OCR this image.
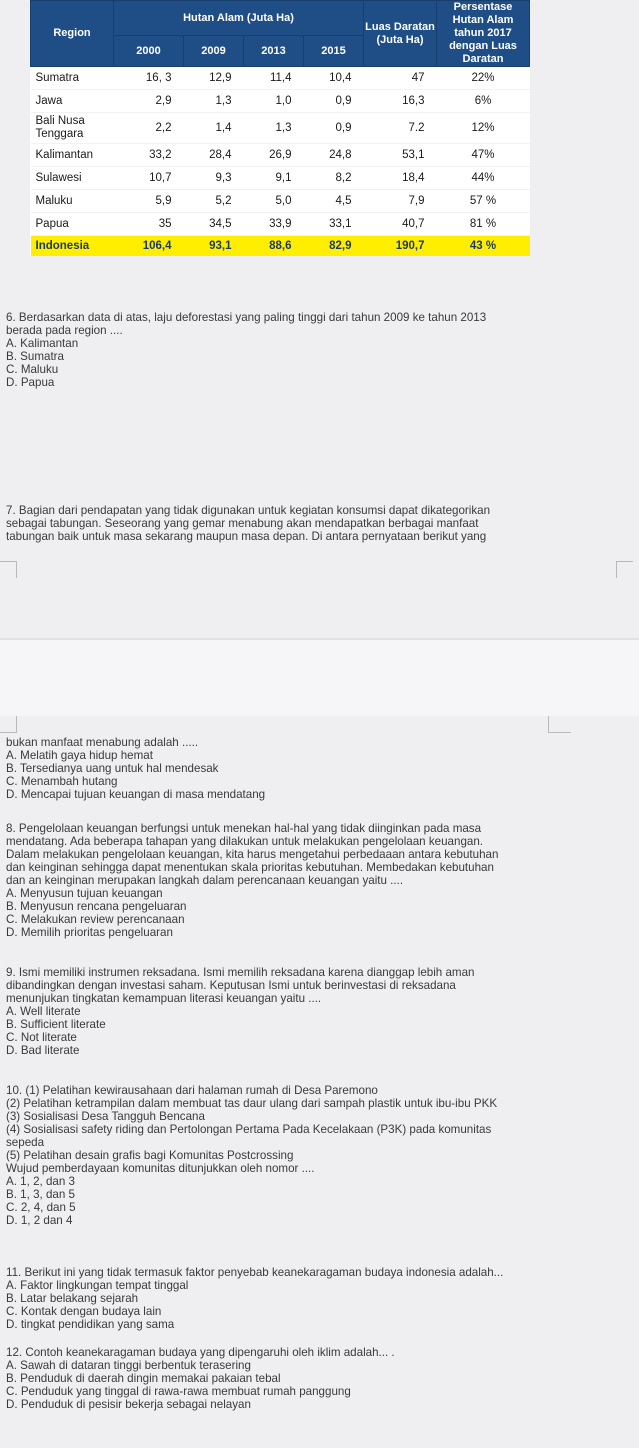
Region	Hutan Alam (Juta Ha)				Luas Daratan (Juta Ha)	Persentase Hutan Alam tahun 2017 dengan Luas Daratan
	2000	2009	2013	2015		
Sumatra	16, 3	12,9	11,4	10,4	47	22%
Jawa	2,9	1,3	1,0	0,9	16,3	6%
Bali Nusa Tenggara	2,2	1,4	1,3	0,9	7.2	12%
Kalimantan	33,2	28,4	26,9	24,8	53,1	47%
Sulawesi	10,7	9,3	9,1	8,2	18,4	44%
Maluku	5,9	5,2	5,0	4,5	7,9	57 %
Papua	35	34,5	33,9	33,1	40,7	81 %
Indonesia	106,4	93,1	88,6	82,9	190,7	43 %
6. Berdasarkan data di atas, laju deforestasi yang paling tinggi dari tahun 2009 ke tahun 2013
berada pada region ....
A. Kalimantan
B. Sumatra
C. Maluku
D. Papua
7. Bagian dari pendapatan yang tidak digunakan untuk kegiatan konsumsi dapat dikategorikan
sebagai tabungan. Seseorang yang gemar menabung akan mendapatkan berbagai manfaat
tabungan baik untuk masa sekarang maupun masa depan. Di antara pernyataan berikut yang
bukan manfaat menabung adalah .....
A. Melatih gaya hidup hemat
B. Tersedianya uang untuk hal mendesak
C. Menambah hutang
D. Mencapai tujuan keuangan di masa mendatang
8. Pengelolaan keuangan berfungsi untuk menekan hal-hal yang tidak diinginkan pada masa
mendatang. Ada beberapa tahapan yang dilakukan untuk melakukan pengelolaan keuangan.
Dalam melakukan pengelolaan keuangan, kita harus mengetahui perbedaaan antara kebutuhan
dan keinginan sehingga dapat menentukan skala prioritas kebutuhan. Membedakan kebutuhan
dan an keinginan merupakan langkah dalam perencanaan keuangan yaitu ....
A. Menyusun tujuan keuangan
B. Menyusun rencana pengeluaran
C. Melakukan review perencanaan
D. Memilih prioritas pengeluaran
9. Ismi memiliki instrumen reksadana. Ismi memilih reksadana karena dianggap lebih aman
dibandingkan dengan investasi saham. Keputusan Ismi untuk berinvestasi di reksadana
menunjukan tingkatan kemampuan literasi keuangan yaitu ....
A. Well literate
B. Sufficient literate
C. Not literate
D. Bad literate
10. (1) Pelatihan kewirausahaan dari halaman rumah di Desa Paremono
(2) Pelatihan ketrampilan dalam membuat tas daur ulang dari sampah plastik untuk ibu-ibu PKK
(3) Sosialisasi Desa Tangguh Bencana
(4) Sosialisasi safety riding dan Pertolongan Pertama Pada Kecelakaan (P3K) pada komunitas
sepeda
(5) Pelatihan desain grafis bagi Komunitas Postcrossing
Wujud pemberdayaan komunitas ditunjukkan oleh nomor ....
A. 1, 2, dan 3
B. 1, 3, dan 5
C. 2, 4, dan 5
D. 1, 2 dan 4
11. Berikut ini yang tidak termasuk faktor penyebab keanekaragaman budaya indonesia adalah...
A. Faktor lingkungan tempat tinggal
B. Latar belakang sejarah
C. Kontak dengan budaya lain
D. tingkat pendidikan yang sama
12. Contoh keanekaragaman budaya yang dipengaruhi oleh iklim adalah... .
A. Sawah di dataran tinggi berbentuk terasering
B. Penduduk di daerah dingin memakai pakaian tebal
C. Penduduk yang tinggal di rawa-rawa membuat rumah panggung
D. Penduduk di pesisir bekerja sebagai nelayan
